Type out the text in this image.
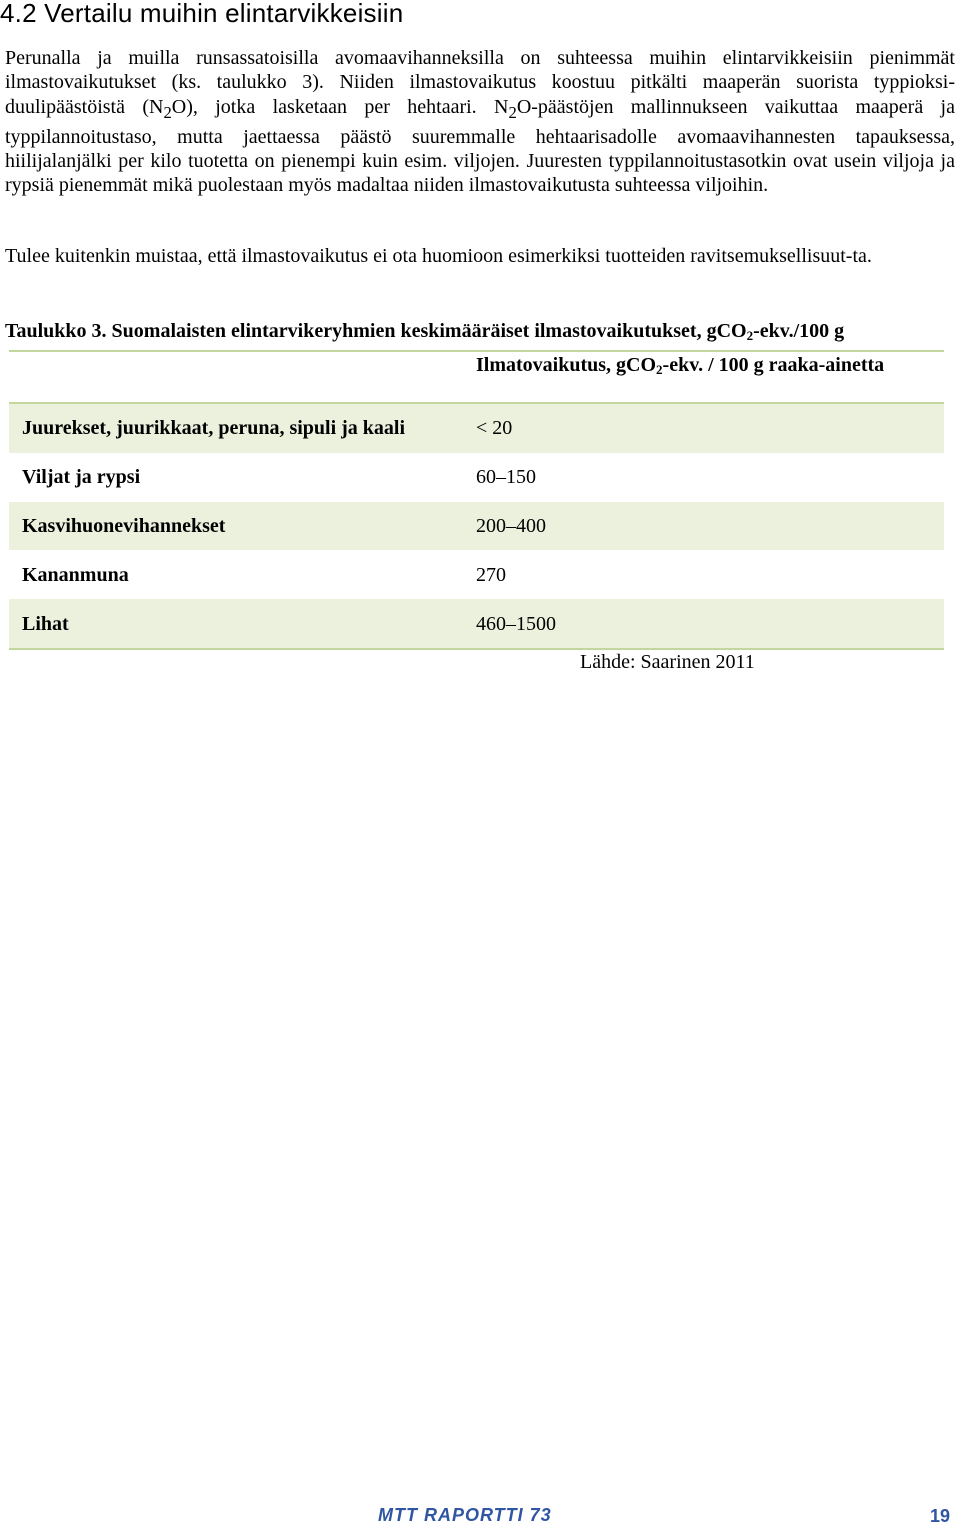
4.2 Vertailu muihin elintarvikkeisiin

Perunalla ja muilla runsassatoisilla avomaavihanneksilla on suhteessa muihin elintarvikkeisiin pienimmät ilmastovaikutukset (ks. taulukko 3). Niiden ilmastovaikutus koostuu pitkälti maaperän suorista typpioksi-duulipäästöistä $(N_2O)$, jotka lasketaan per hehtaari. $N_2O$-päästöjen mallinnukseen vaikuttaa maaperä ja typpilannoitustaso, mutta jaettaessa päästö suuremmalle hehtaarisadolle avomaavihannesten tapauksessa, hiilijalanjälki per kilo tuotetta on pienempi kuin esim. viljojen. Juuresten typpilannoitustasotkin ovat usein viljoja ja rypsiä pienemmät mikä puolestaan myös madaltaa niiden ilmastovaikutusta suhteessa viljoihin.

Tulee kuitenkin muistaa, että ilmastovaikutus ei ota huomioon esimerkiksi tuotteiden ravitsemuksellisuut-ta.

Taulukko 3. Suomalaisten elintarvikeryhmien keskimääräiset ilmastovaikutukset, gCO$_2$-ekv./100 g

Ilmatovaikutus, gCO$_2$-ekv. / 100 g raaka-ainetta

Juurekset, juurikkaat, peruna, sipuli ja kaali	< 20
Viljat ja rypsi	60–150
Kasvihuonevihannekset	200–400
Kananmuna	270
Lihat	460–1500

Lähde: Saarinen 2011

MTT RAPORTTI 73	19
